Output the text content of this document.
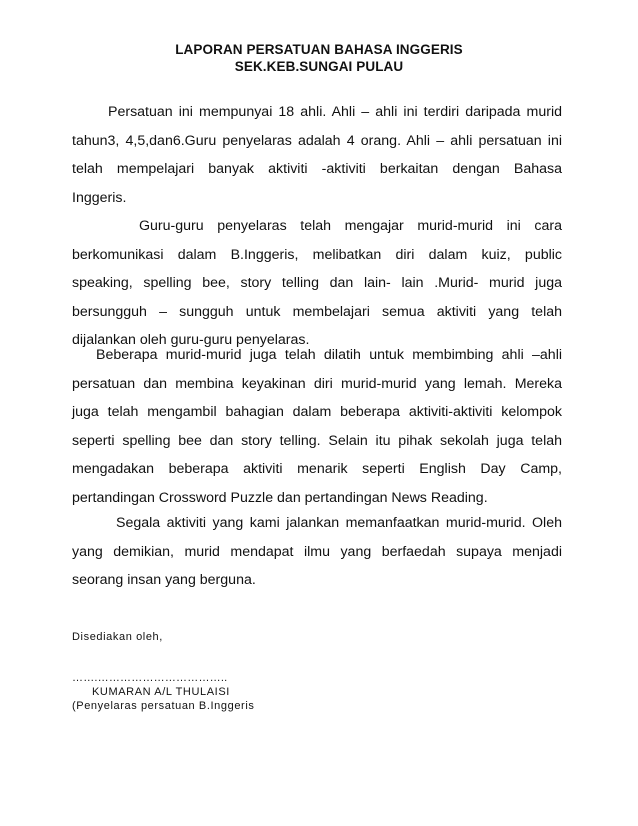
LAPORAN PERSATUAN BAHASA INGGERIS
SEK.KEB.SUNGAI PULAU
Persatuan ini mempunyai 18 ahli. Ahli – ahli ini terdiri daripada murid
tahun3, 4,5,dan6.Guru penyelaras adalah 4 orang. Ahli – ahli persatuan ini
telah mempelajari banyak aktiviti -aktiviti berkaitan dengan Bahasa
Inggeris.
Guru-guru penyelaras telah mengajar murid-murid ini cara
berkomunikasi dalam B.Inggeris, melibatkan diri dalam kuiz, public
speaking, spelling bee, story telling dan lain- lain .Murid- murid juga
bersungguh – sungguh untuk membelajari semua aktiviti yang telah
dijalankan oleh guru-guru penyelaras.
Beberapa murid-murid juga telah dilatih untuk membimbing ahli –ahli
persatuan dan membina keyakinan diri murid-murid yang lemah. Mereka
juga telah mengambil bahagian dalam beberapa aktiviti-aktiviti kelompok
seperti spelling bee dan story telling. Selain itu pihak sekolah juga telah
mengadakan beberapa aktiviti menarik seperti English Day Camp,
pertandingan Crossword Puzzle dan pertandingan News Reading.
Segala aktiviti yang kami jalankan memanfaatkan murid-murid. Oleh
yang demikian, murid mendapat ilmu yang berfaedah supaya menjadi
seorang insan yang berguna.
Disediakan oleh,
…….……………………………..
KUMARAN A/L THULAISI
(Penyelaras persatuan B.Inggeris
